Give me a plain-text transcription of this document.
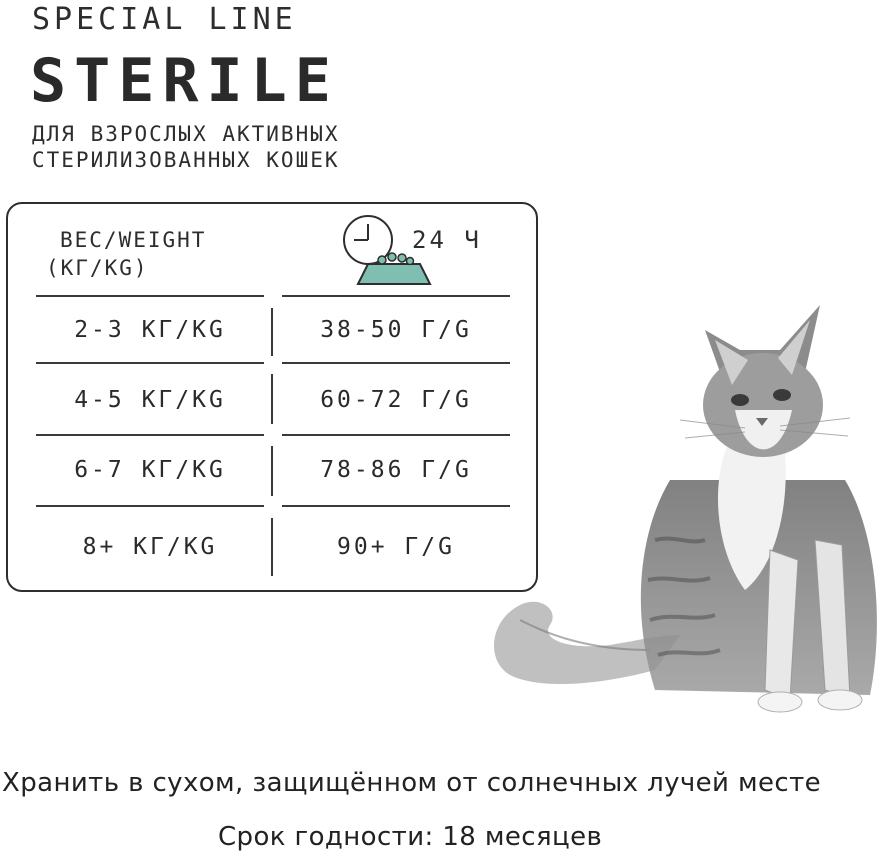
SPECIAL LINE
STERILE
ДЛЯ ВЗРОСЛЫХ АКТИВНЫХ
СТЕРИЛИЗОВАННЫХ КОШЕК
ВЕС/WEIGHT
(КГ/KG)
24 Ч
2-3 КГ/KG	38-50 Г/G
4-5 КГ/KG	60-72 Г/G
6-7 КГ/KG	78-86 Г/G
8+ КГ/KG	90+ Г/G
Хранить в сухом, защищённом от солнечных лучей месте
Срок годности: 18 месяцев
